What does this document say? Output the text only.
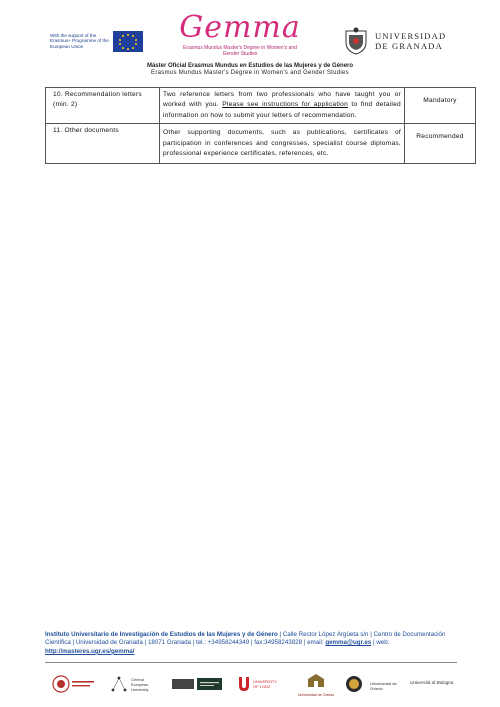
With the support of the Erasmus+ Programme of the European Union
Gemma
Erasmus Mundus Master's Degree in Women's and Gender Studies
UNIVERSIDAD
DE GRANADA
Máster Oficial Erasmus Mundus en Estudios de las Mujeres y de Género
Erasmus Mundus Master's Degree in Women's and Gender Studies
10. Recommendation letters (min. 2)	Two reference letters from two professionals who have taught you or worked with you. Please see instructions for application to find detailed information on how to submit your letters of recommendation.	Mandatory
11. Other documents	Other supporting documents, such as publications, certificates of participation in conferences and congresses, specialist course diplomas, professional experience certificates, references, etc.	Recommended
Instituto Universitario de Investigación de Estudios de las Mujeres y de Género | Calle Rector López Argüeta s/n | Centro de Documentación Científica | Universidad de Granada | 18071 Granada | tel.: +34958244349 | fax:34958243828 | email: gemma@ugr.es | web: http://masteres.ugr.es/gemma/
Central European University
UNIVERSITY OF LODZ
Universidad de Oviedo
Universidad de Oviedo
Università di Bologna
